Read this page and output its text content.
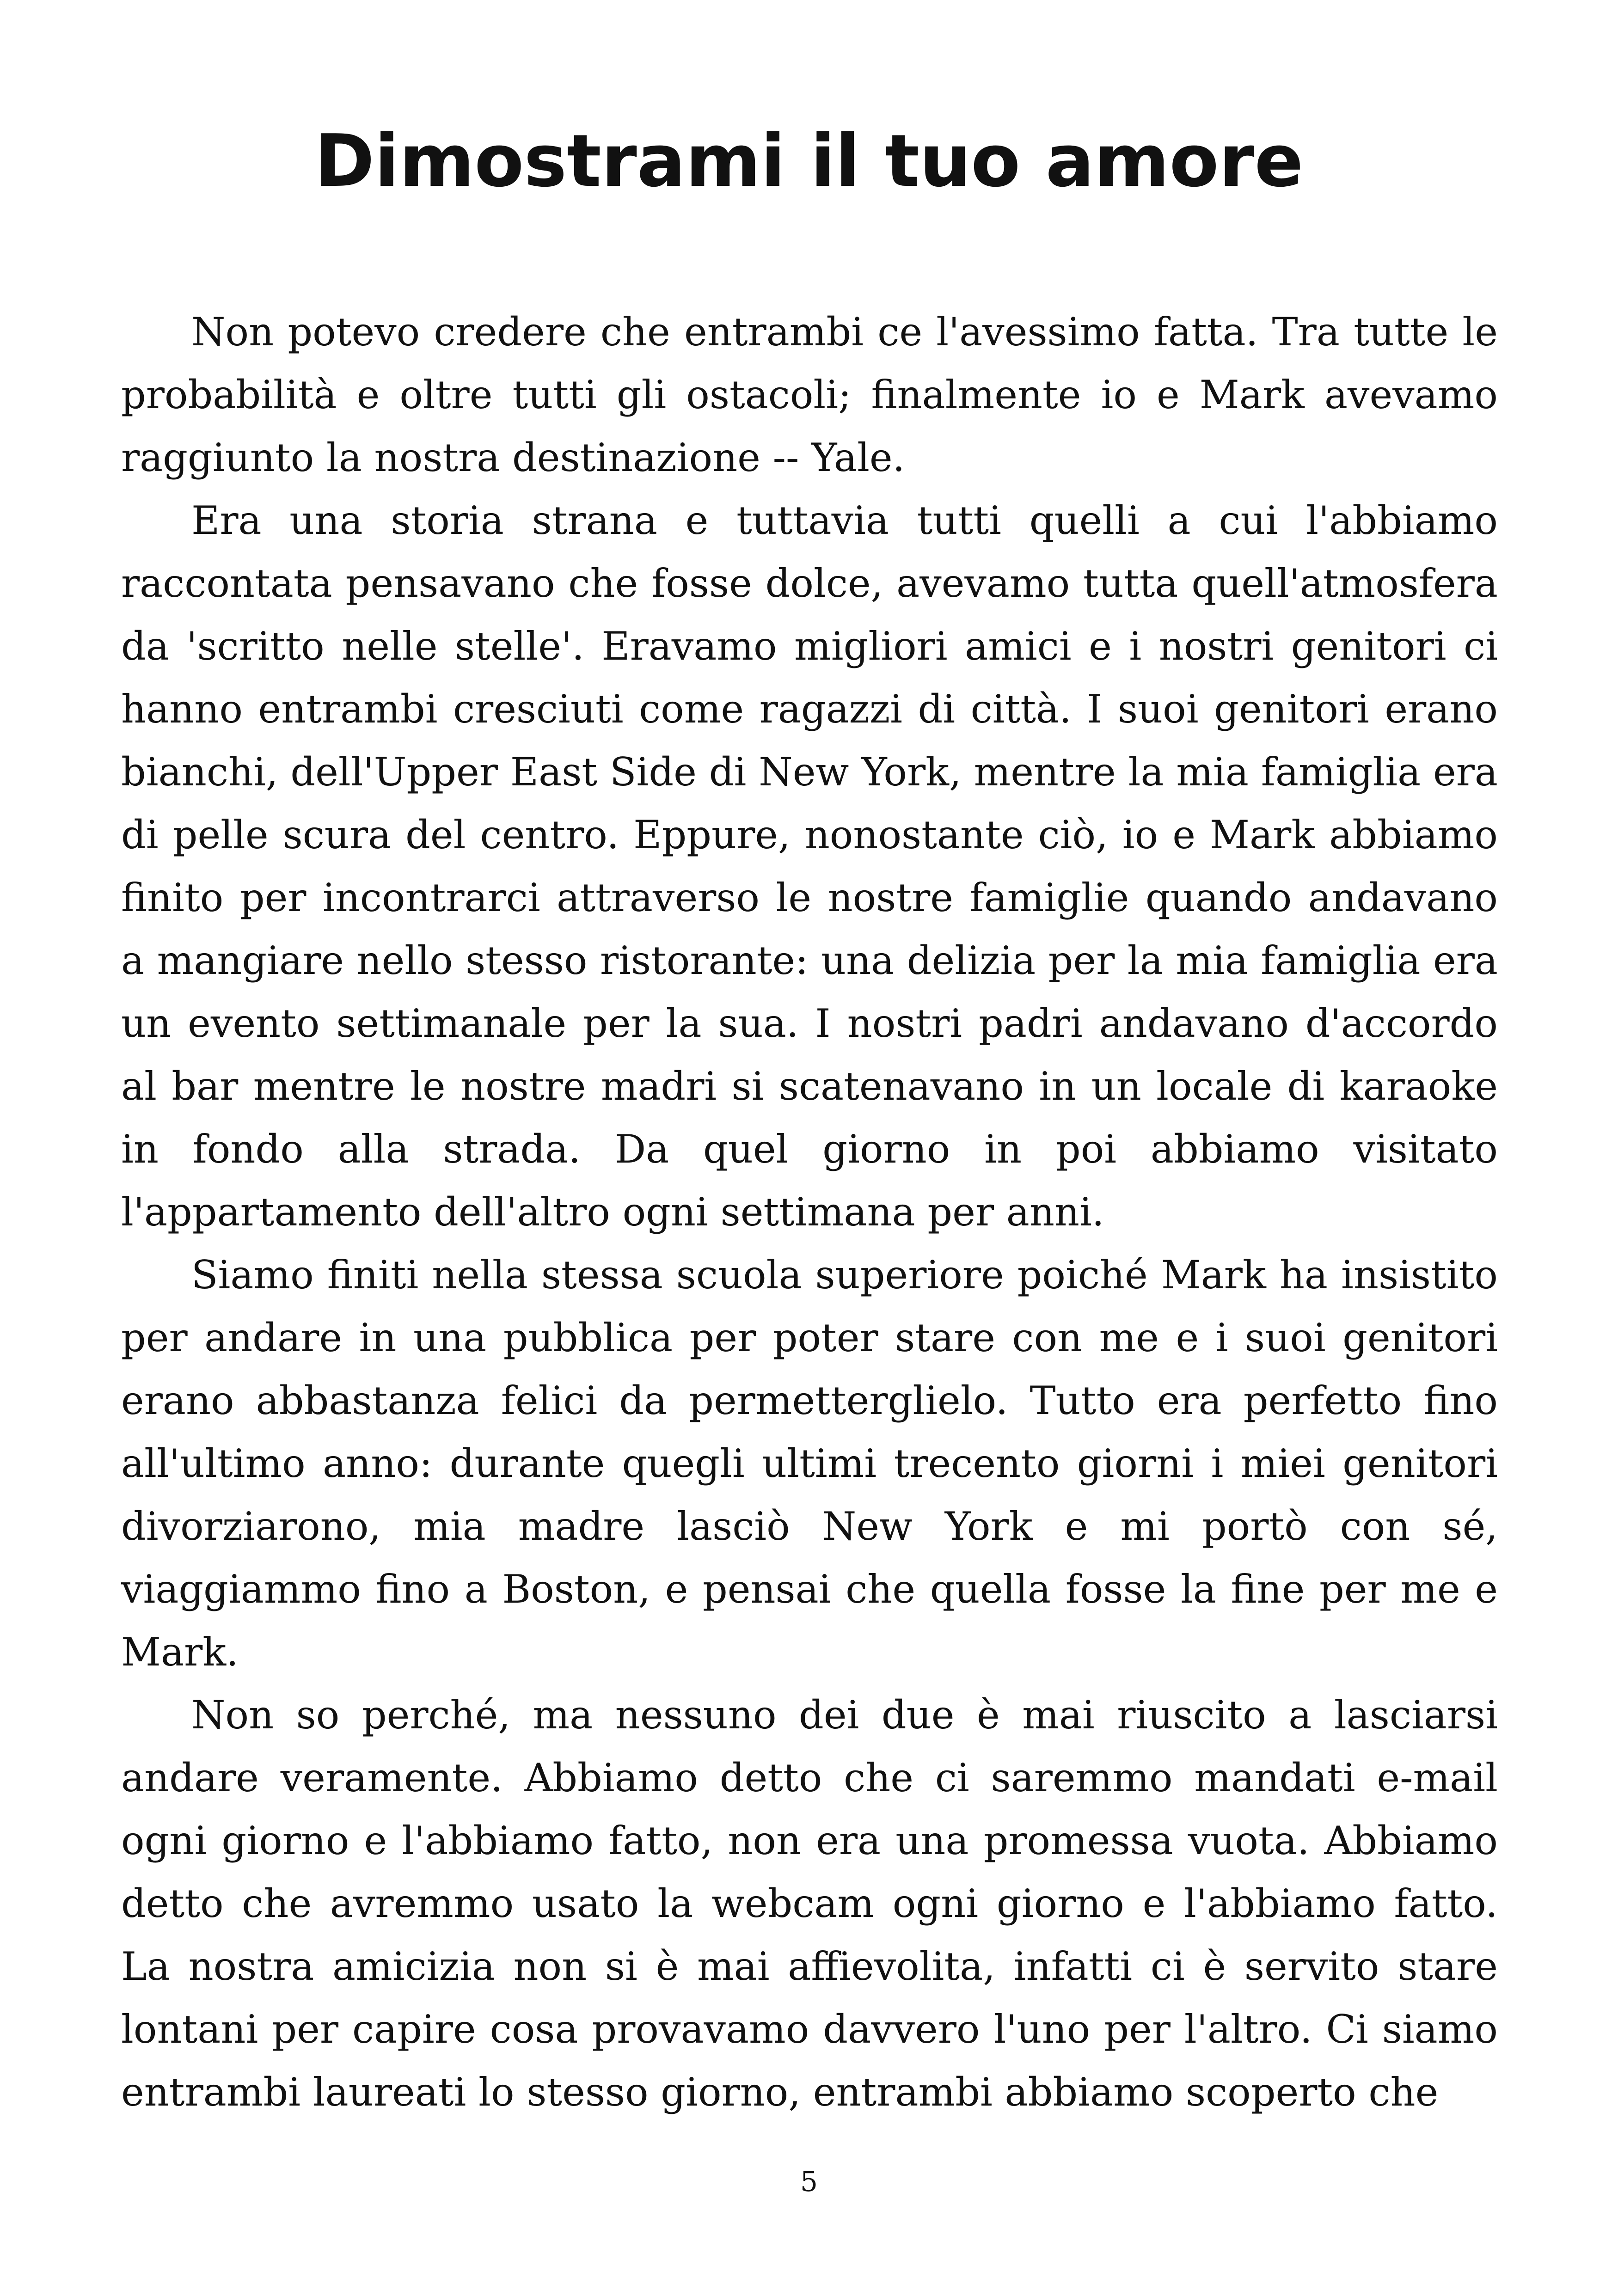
Dimostrami il tuo amore

Non potevo credere che entrambi ce l'avessimo fatta. Tra tutte le probabilità e oltre tutti gli ostacoli; finalmente io e Mark avevamo raggiunto la nostra destinazione -- Yale.

Era una storia strana e tuttavia tutti quelli a cui l'abbiamo raccontata pensavano che fosse dolce, avevamo tutta quell'atmosfera da 'scritto nelle stelle'. Eravamo migliori amici e i nostri genitori ci hanno entrambi cresciuti come ragazzi di città. I suoi genitori erano bianchi, dell'Upper East Side di New York, mentre la mia famiglia era di pelle scura del centro. Eppure, nonostante ciò, io e Mark abbiamo finito per incontrarci attraverso le nostre famiglie quando andavano a mangiare nello stesso ristorante: una delizia per la mia famiglia era un evento settimanale per la sua. I nostri padri andavano d'accordo al bar mentre le nostre madri si scatenavano in un locale di karaoke in fondo alla strada. Da quel giorno in poi abbiamo visitato l'appartamento dell'altro ogni settimana per anni.

Siamo finiti nella stessa scuola superiore poiché Mark ha insistito per andare in una pubblica per poter stare con me e i suoi genitori erano abbastanza felici da permetterglielo. Tutto era perfetto fino all'ultimo anno: durante quegli ultimi trecento giorni i miei genitori divorziarono, mia madre lasciò New York e mi portò con sé, viaggiammo fino a Boston, e pensai che quella fosse la fine per me e Mark.

Non so perché, ma nessuno dei due è mai riuscito a lasciarsi andare veramente. Abbiamo detto che ci saremmo mandati e-mail ogni giorno e l'abbiamo fatto, non era una promessa vuota. Abbiamo detto che avremmo usato la webcam ogni giorno e l'abbiamo fatto. La nostra amicizia non si è mai affievolita, infatti ci è servito stare lontani per capire cosa provavamo davvero l'uno per l'altro. Ci siamo entrambi laureati lo stesso giorno, entrambi abbiamo scoperto che

5
